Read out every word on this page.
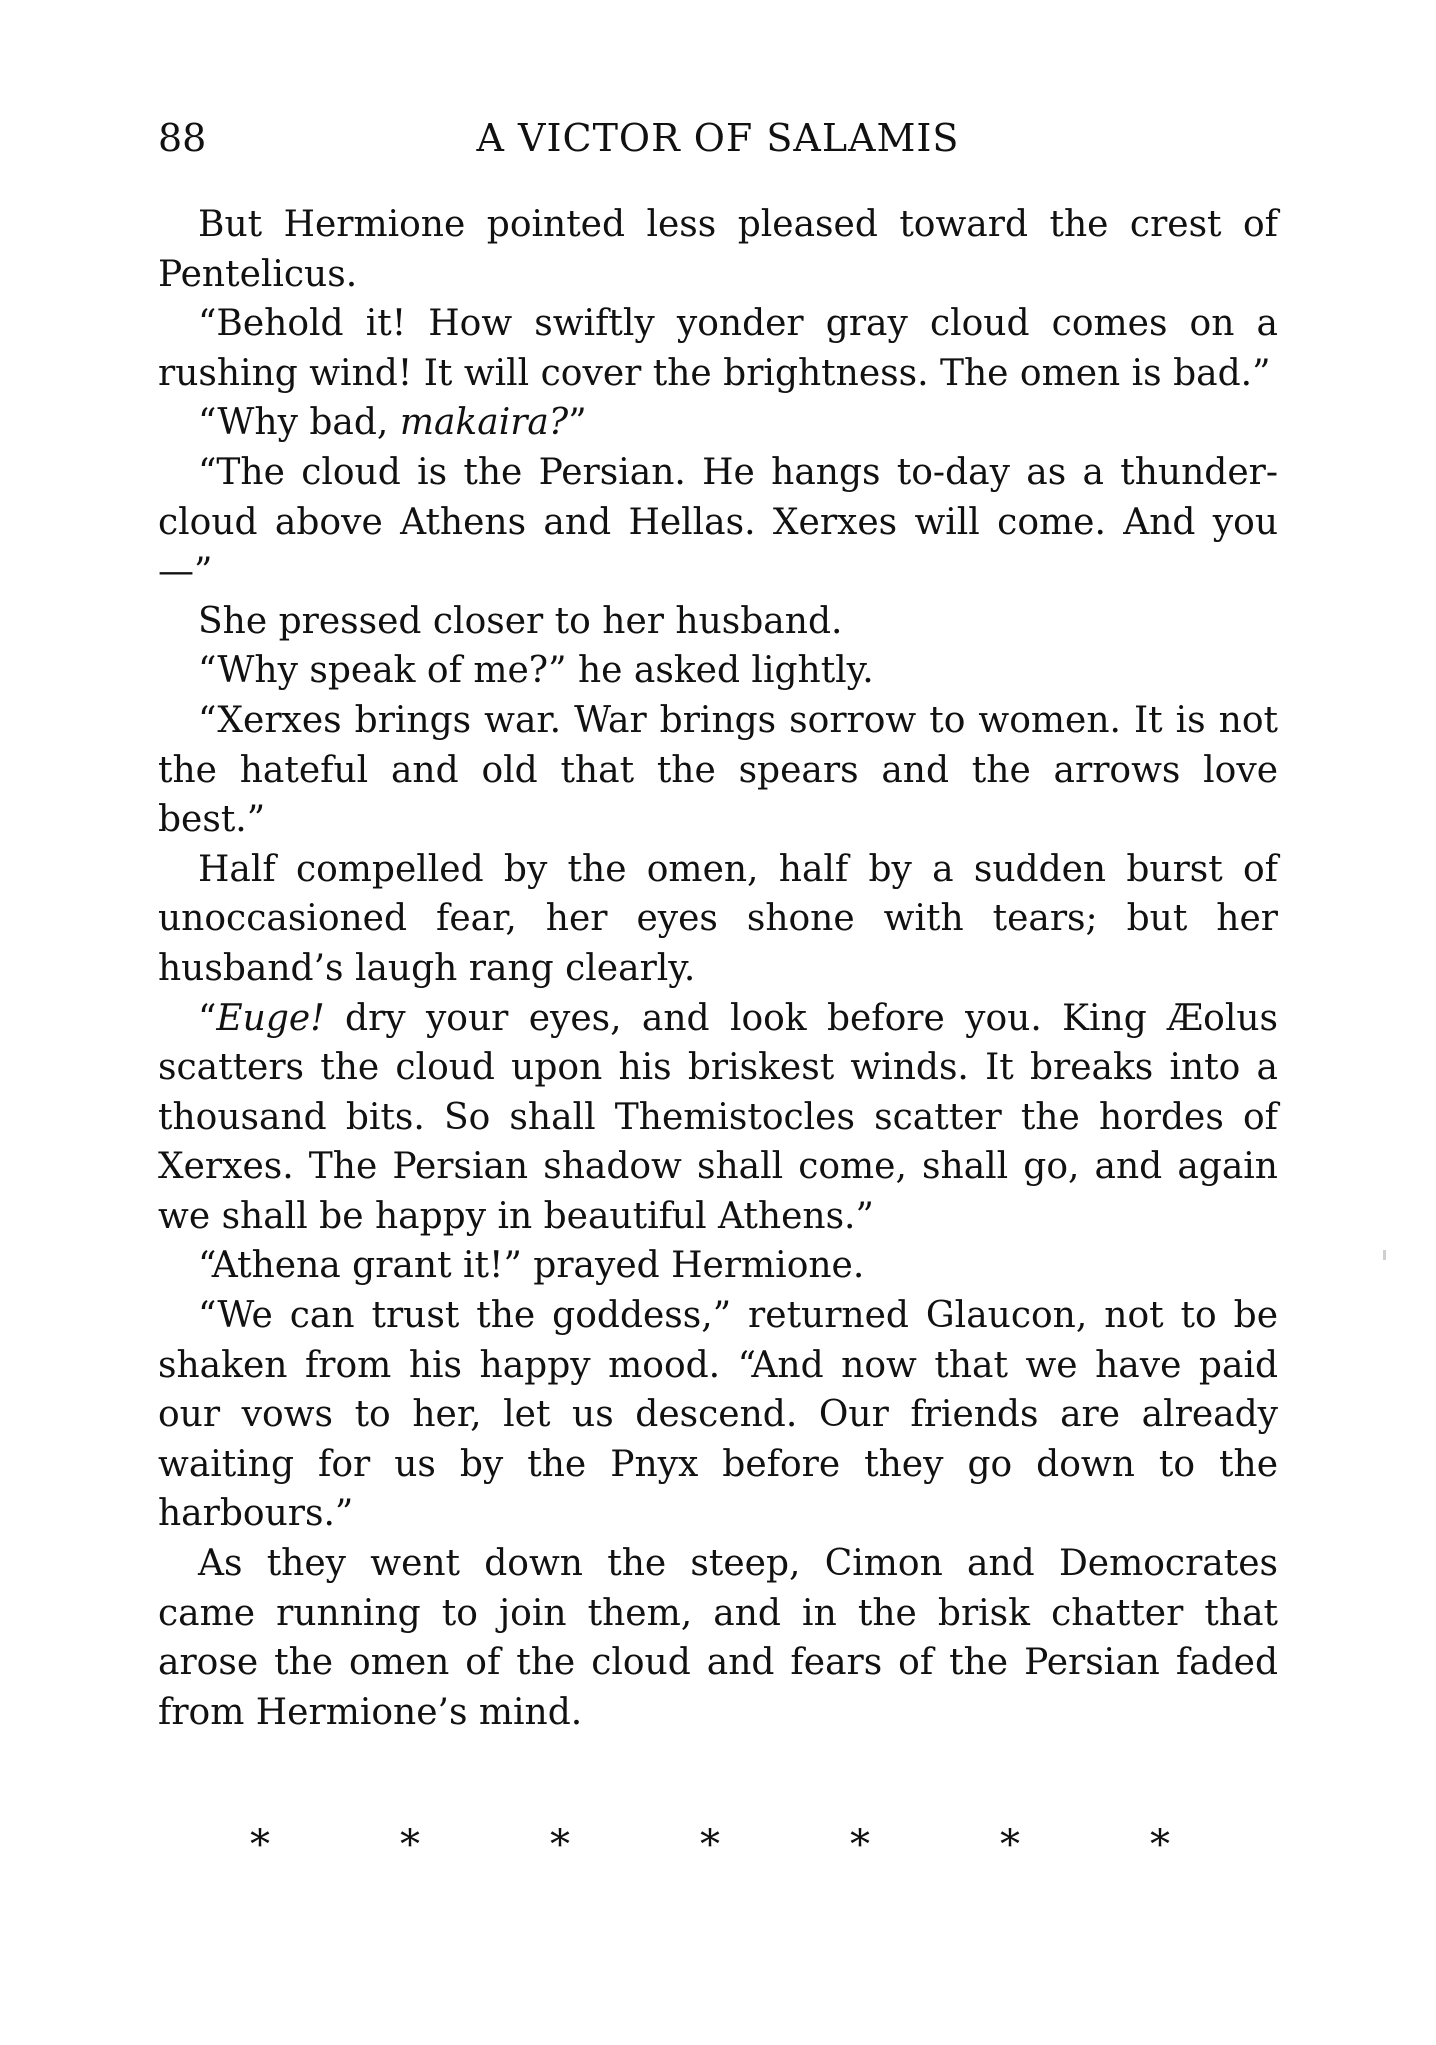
A VICTOR OF SALAMIS
88

But Hermione pointed less pleased toward the crest of Pentelicus.

“Behold it! How swiftly yonder gray cloud comes on a rushing wind! It will cover the brightness. The omen is bad.”

“Why bad, makaira?”

“The cloud is the Persian. He hangs to-day as a thunder-cloud above Athens and Hellas. Xerxes will come. And you —”

She pressed closer to her husband.

“Why speak of me?” he asked lightly.

“Xerxes brings war. War brings sorrow to women. It is not the hateful and old that the spears and the arrows love best.”

Half compelled by the omen, half by a sudden burst of unoccasioned fear, her eyes shone with tears; but her husband’s laugh rang clearly.

“Euge! dry your eyes, and look before you. King Æolus scatters the cloud upon his briskest winds. It breaks into a thousand bits. So shall Themistocles scatter the hordes of Xerxes. The Persian shadow shall come, shall go, and again we shall be happy in beautiful Athens.”

“Athena grant it!” prayed Hermione.

“We can trust the goddess,” returned Glaucon, not to be shaken from his happy mood. “And now that we have paid our vows to her, let us descend. Our friends are already waiting for us by the Pnyx before they go down to the harbours.”

As they went down the steep, Cimon and Democrates came running to join them, and in the brisk chatter that arose the omen of the cloud and fears of the Persian faded from Hermione’s mind.

*	*	*	*	*	*	*
